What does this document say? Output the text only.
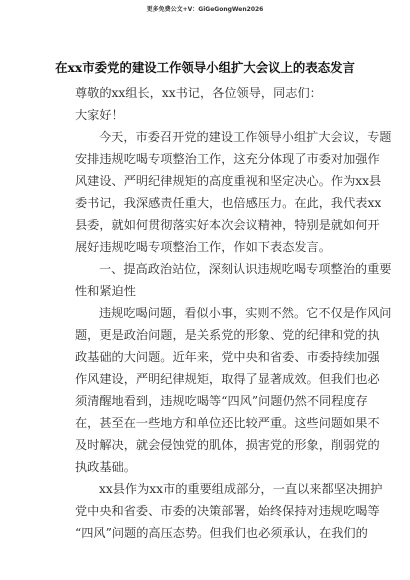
更多免费公文+V：GiGeGongWen2026
在xx市委党的建设工作领导小组扩大会议上的表态发言
尊敬的xx组长，xx书记，各位领导，同志们：
大家好！
今天，市委召开党的建设工作领导小组扩大会议，专题
安排违规吃喝专项整治工作，这充分体现了市委对加强作
风建设、严明纪律规矩的高度重视和坚定决心。作为xx县
委书记，我深感责任重大，也倍感压力。在此，我代表xx
县委，就如何贯彻落实好本次会议精神，特别是就如何开
展好违规吃喝专项整治工作，作如下表态发言。
一、提高政治站位，深刻认识违规吃喝专项整治的重要
性和紧迫性
违规吃喝问题，看似小事，实则不然。它不仅是作风问
题，更是政治问题，是关系党的形象、党的纪律和党的执
政基础的大问题。近年来，党中央和省委、市委持续加强
作风建设，严明纪律规矩，取得了显著成效。但我们也必
须清醒地看到，违规吃喝等“四风”问题仍然不同程度存
在，甚至在一些地方和单位还比较严重。这些问题如果不
及时解决，就会侵蚀党的肌体，损害党的形象，削弱党的
执政基础。
xx县作为xx市的重要组成部分，一直以来都坚决拥护
党中央和省委、市委的决策部署，始终保持对违规吃喝等
“四风”问题的高压态势。但我们也必须承认，在我们的
